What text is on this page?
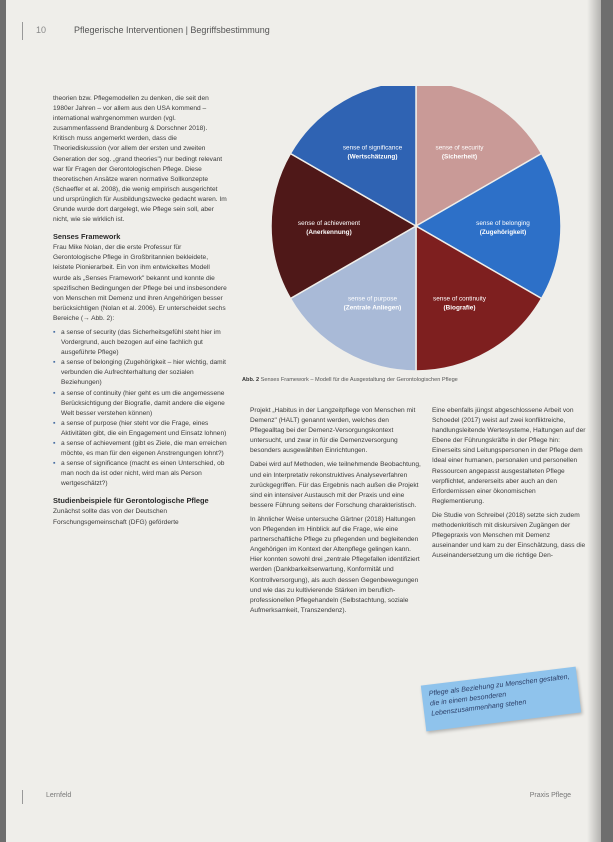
10	Pflegerische Interventionen | Begriffsbestimmung

theorien bzw. Pflegemodellen zu denken, die seit den 1980er Jahren – vor allem aus den USA kommend – international wahrgenommen wurden (vgl. zusammenfassend Brandenburg & Dorschner 2018). Kritisch muss angemerkt werden, dass die Theoriediskussion (vor allem der ersten und zweiten Generation der sog. „grand theories") nur bedingt relevant war für Fragen der Gerontologischen Pflege. Diese theoretischen Ansätze waren normative Sollkonzepte (Schaeffer et al. 2008), die wenig empirisch ausgerichtet und ursprünglich für Ausbildungszwecke gedacht waren. Im Grunde wurde dort dargelegt, wie Pflege sein soll, aber nicht, wie sie wirklich ist.

Senses Framework

Frau Mike Nolan, der die erste Professur für Gerontologische Pflege in Großbritannien bekleidete, leistete Pionierarbeit. Ein von ihm entwickeltes Modell wurde als „Senses Framework" bekannt und konnte die spezifischen Bedingungen der Pflege bei und insbesondere von Menschen mit Demenz und ihren Angehörigen besser berücksichtigen (Nolan et al. 2006). Er unterscheidet sechs Bereiche (→ Abb. 2):

▪ a sense of security (das Sicherheitsgefühl steht hier im Vordergrund, auch bezogen auf eine fachlich gut ausgeführte Pflege)
▪ a sense of belonging (Zugehörigkeit – hier wichtig, damit verbunden die Aufrechterhaltung der sozialen Beziehungen)
▪ a sense of continuity (hier geht es um die angemessene Berücksichtigung der Biografie, damit andere die eigene Welt besser verstehen können)
▪ a sense of purpose (hier steht vor die Frage, eines Aktivitäten gibt, die ein Engagement und Einsatz lohnen)
▪ a sense of achievement (gibt es Ziele, die man erreichen möchte, es man für den eigenen Anstrengungen lohnt?)
▪ a sense of significance (macht es einen Unterschied, ob man noch da ist oder nicht, wird man als Person wertgeschätzt?)
Studienbeispiele für Gerontologische Pflege

Zunächst sollte das von der Deutschen Forschungsgemeinschaft (DFG) geförderte

sense of security
(Sicherheit)
sense of belonging
(Zugehörigkeit)
sense of continuity
(Biografie)
sense of purpose
(Zentrale Anliegen)
sense of achievement
(Anerkennung)
sense of significance
(Wertschätzung)
Abb. 2 Senses Framework – Modell für die Ausgestaltung der Gerontologischen Pflege

Projekt „Habitus in der Langzeitpflege von Menschen mit Demenz" (HALT) genannt werden, welches den Pflegealltag bei der Demenz-Versorgungskontext untersucht, und zwar in für die Demenzversorgung besonders ausgewählten Einrichtungen.

Dabei wird auf Methoden, wie teilnehmende Beobachtung, und ein Interpretativ rekonstruktives Analyseverfahren zurückgegriffen. Für das Ergebnis nach außen die Projekt sind ein intensiver Austausch mit der Praxis und eine bessere Führung seitens der Forschung charakteristisch.

In ähnlicher Weise untersuche Gärtner (2018) Haltungen von Pflegenden im Hinblick auf die Frage, wie eine partnerschaftliche Pflege zu pflegenden und begleitenden Angehörigen im Kontext der Altenpflege gelingen kann. Hier konnten sowohl drei „zentrale Pflegefallen identifiziert werden (Dankbarkeitserwartung, Konformität und Kontrollversorgung), als auch dessen Gegenbewegungen und wie das zu kultivierende Stärken im beruflich-professionellen Pflegehandeln (Selbstachtung, soziale Aufmerksamkeit, Transzendenz).

Eine ebenfalls jüngst abgeschlossene Arbeit von Schoedel (2017) weist auf zwei konfliktreiche, handlungsleitende Wertesysteme, Haltungen auf der Ebene der Führungskräfte in der Pflege hin: Einerseits sind Leitungspersonen in der Pflege dem Ideal einer humanen, personalen und personellen Ressourcen angepasst ausgestalteten Pflege verpflichtet, andererseits aber auch an den Erfordernissen einer ökonomischen Reglementierung.

Die Studie von Schreibel (2018) setzte sich zudem methodenkritisch mit diskursiven Zugängen der Pflegepraxis von Menschen mit Demenz auseinander und kam zu der Einschätzung, dass die Auseinandersetzung um die richtige Den-

Pflege als Beziehung zu Menschen gestalten, die in einem besonderen Lebenszusammenhang stehen
Lernfeld	Praxis Pflege
